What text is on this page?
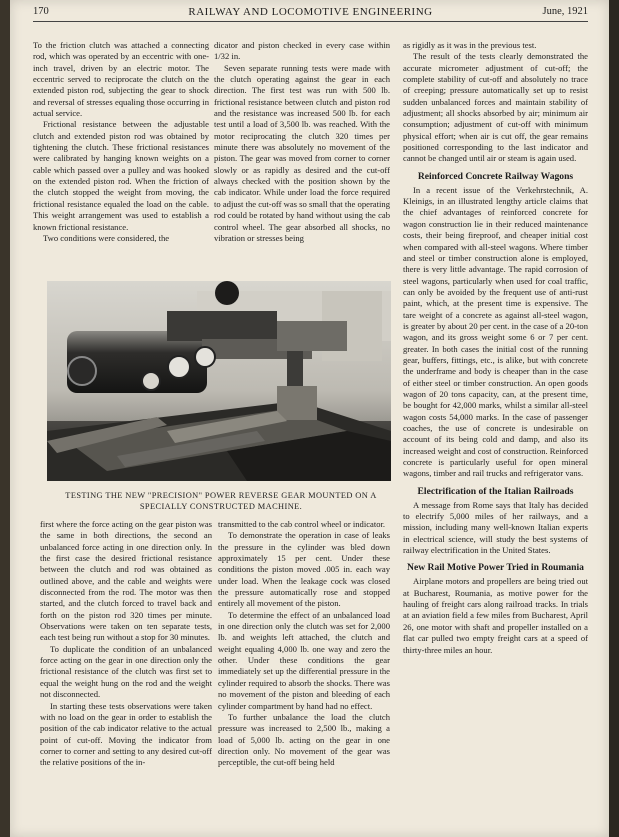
170	RAILWAY AND LOCOMOTIVE ENGINEERING	June, 1921

To the friction clutch was attached a connecting rod, which was operated by an eccentric with one-inch travel, driven by an electric motor. The eccentric served to reciprocate the clutch on the extended piston rod, subjecting the gear to shock and reversal of stresses equaling those occurring in actual service.

Frictional resistance between the adjustable clutch and extended piston rod was obtained by tightening the clutch. These frictional resistances were calibrated by hanging known weights on a cable which passed over a pulley and was hooked on the extended piston rod. When the friction of the clutch stopped the weight from moving, the frictional resistance equaled the load on the cable. This weight arrangement was used to establish a known frictional resistance.

Two conditions were considered, the

dicator and piston checked in every case within 1/32 in.

Seven separate running tests were made with the clutch operating against the gear in each direction. The first test was run with 500 lb. frictional resistance between clutch and piston rod and the resistance was increased 500 lb. for each test until a load of 3,500 lb. was reached. With the motor reciprocating the clutch 320 times per minute there was absolutely no movement of the piston. The gear was moved from corner to corner slowly or as rapidly as desired and the cut-off always checked with the position shown by the cab indicator. While under load the force required to adjust the cut-off was so small that the operating rod could be rotated by hand without using the cab control wheel. The gear absorbed all shocks, no vibration or stresses being

TESTING THE NEW "PRECISION" POWER REVERSE GEAR MOUNTED ON A SPECIALLY CONSTRUCTED MACHINE.

first where the force acting on the gear piston was the same in both directions, the second an unbalanced force acting in one direction only. In the first case the desired frictional resistance between the clutch and rod was obtained as outlined above, and the cable and weights were disconnected from the rod. The motor was then started, and the clutch forced to travel back and forth on the piston rod 320 times per minute. Observations were taken on ten separate tests, each test being run without a stop for 30 minutes.

To duplicate the condition of an unbalanced force acting on the gear in one direction only the frictional resistance of the clutch was first set to equal the weight hung on the rod and the weight not disconnected.

In starting these tests observations were taken with no load on the gear in order to establish the position of the cab indicator relative to the actual point of cut-off. Moving the indicator from corner to corner and setting to any desired cut-off the relative positions of the in-

transmitted to the cab control wheel or indicator.

To demonstrate the operation in case of leaks the pressure in the cylinder was bled down approximately 15 per cent. Under these conditions the piston moved .005 in. each way under load. When the leakage cock was closed the pressure automatically rose and stopped entirely all movement of the piston.

To determine the effect of an unbalanced load in one direction only the clutch was set for 2,000 lb. and weights left attached, the clutch and weight equaling 4,000 lb. one way and zero the other. Under these conditions the gear immediately set up the differential pressure in the cylinder required to absorb the shocks. There was no movement of the piston and bleeding of each cylinder compartment by hand had no effect.

To further unbalance the load the clutch pressure was increased to 2,500 lb., making a load of 5,000 lb. acting on the gear in one direction only. No movement of the gear was perceptible, the cut-off being held

as rigidly as it was in the previous test.

The result of the tests clearly demonstrated the accurate micrometer adjustment of cut-off; the complete stability of cut-off and absolutely no trace of creeping; pressure automatically set up to resist sudden unbalanced forces and maintain stability of adjustment; all shocks absorbed by air; minimum air consumption; adjustment of cut-off with minimum physical effort; when air is cut off, the gear remains positioned corresponding to the last indicator and cannot be changed until air or steam is again used.

Reinforced Concrete Railway Wagons

In a recent issue of the Verkehrstechnik, A. Kleinigs, in an illustrated lengthy article claims that the chief advantages of reinforced concrete for wagon construction lie in their reduced maintenance costs, their being fireproof, and cheaper initial cost when compared with all-steel wagons. Where timber and steel or timber construction alone is employed, there is very little advantage. The rapid corrosion of steel wagons, particularly when used for coal traffic, can only be avoided by the frequent use of anti-rust paint, which, at the present time is expensive. The tare weight of a concrete as against all-steel wagon, is greater by about 20 per cent. in the case of a 20-ton wagon, and its gross weight some 6 or 7 per cent. greater. In both cases the initial cost of the running gear, buffers, fittings, etc., is alike, but with concrete the underframe and body is cheaper than in the case of either steel or timber construction. An open goods wagon of 20 tons capacity, can, at the present time, be bought for 42,000 marks, whilst a similar all-steel wagon costs 54,000 marks. In the case of passenger coaches, the use of concrete is undesirable on account of its being cold and damp, and also its increased weight and cost of construction. Reinforced concrete is particularly useful for open mineral wagons, timber and rail trucks and refrigerator vans.

Electrification of the Italian Railroads

A message from Rome says that Italy has decided to electrify 5,000 miles of her railways, and a mission, including many well-known Italian experts in electrical science, will study the best systems of railway electrification in the United States.

New Rail Motive Power Tried in Roumania

Airplane motors and propellers are being tried out at Bucharest, Roumania, as motive power for the hauling of freight cars along railroad tracks. In trials at an aviation field a few miles from Bucharest, April 26, one motor with shaft and propeller installed on a flat car pulled two empty freight cars at a speed of thirty-three miles an hour.
